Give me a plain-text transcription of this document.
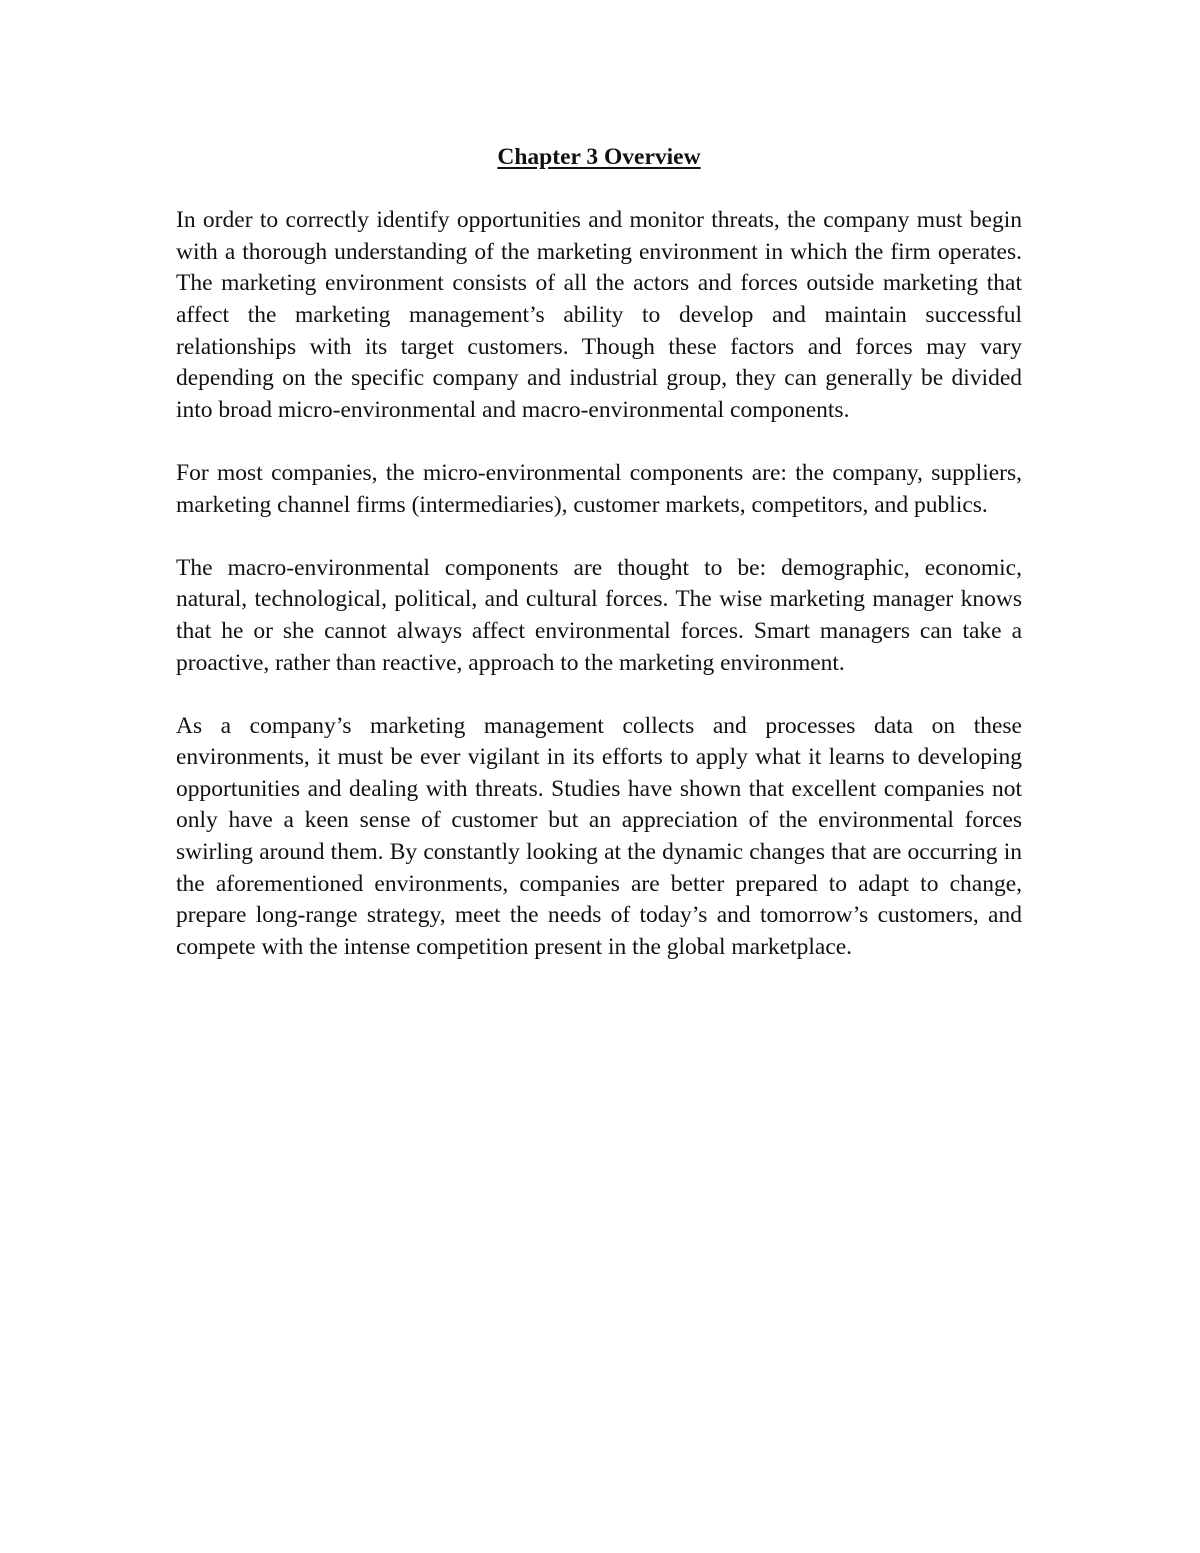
Chapter 3 Overview

In order to correctly identify opportunities and monitor threats, the company must begin with a thorough understanding of the marketing environment in which the firm operates. The marketing environment consists of all the actors and forces outside marketing that affect the marketing management’s ability to develop and maintain successful relationships with its target customers. Though these factors and forces may vary depending on the specific company and industrial group, they can generally be divided into broad micro-environmental and macro-environmental components.

For most companies, the micro-environmental components are: the company, suppliers, marketing channel firms (intermediaries), customer markets, competitors, and publics.

The macro-environmental components are thought to be: demographic, economic, natural, technological, political, and cultural forces. The wise marketing manager knows that he or she cannot always affect environmental forces. Smart managers can take a proactive, rather than reactive, approach to the marketing environment.

As a company’s marketing management collects and processes data on these environments, it must be ever vigilant in its efforts to apply what it learns to developing opportunities and dealing with threats. Studies have shown that excellent companies not only have a keen sense of customer but an appreciation of the environmental forces swirling around them. By constantly looking at the dynamic changes that are occurring in the aforementioned environments, companies are better prepared to adapt to change, prepare long-range strategy, meet the needs of today’s and tomorrow’s customers, and compete with the intense competition present in the global marketplace.
